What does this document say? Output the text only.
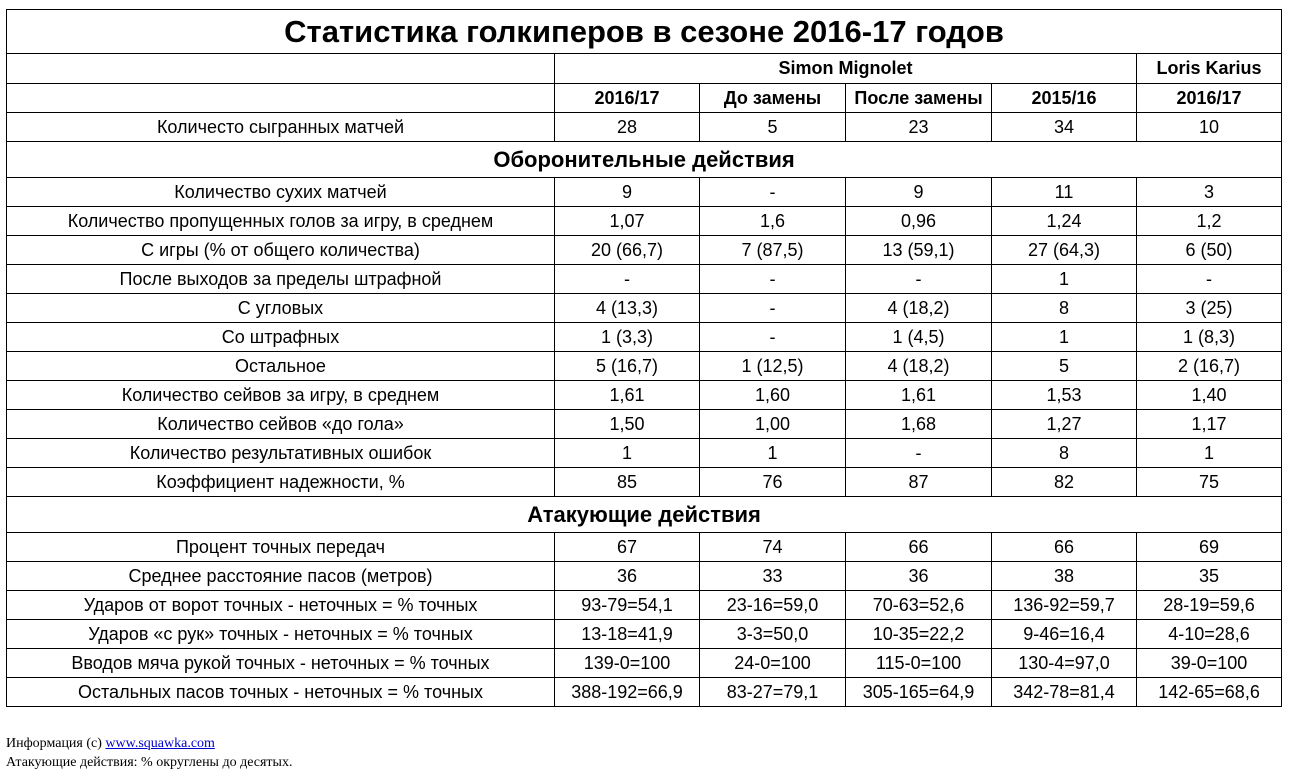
Статистика голкиперов в сезоне 2016-17 годов					
	Simon Mignolet				Loris Karius
	2016/17	До замены	После замены	2015/16	2016/17
Количесто сыгранных матчей	28	5	23	34	10
Оборонительные действия					
Количество сухих матчей	9	-	9	11	3
Количество пропущенных голов за игру, в среднем	1,07	1,6	0,96	1,24	1,2
С игры (% от общего количества)	20 (66,7)	7 (87,5)	13 (59,1)	27 (64,3)	6 (50)
После выходов за пределы штрафной	-	-	-	1	-
С угловых	4 (13,3)	-	4 (18,2)	8	3 (25)
Со штрафных	1 (3,3)	-	1 (4,5)	1	1 (8,3)
Остальное	5 (16,7)	1 (12,5)	4 (18,2)	5	2 (16,7)
Количество сейвов за игру, в среднем	1,61	1,60	1,61	1,53	1,40
Количество сейвов «до гола»	1,50	1,00	1,68	1,27	1,17
Количество результативных ошибок	1	1	-	8	1
Коэффициент надежности, %	85	76	87	82	75
Атакующие действия					
Процент точных передач	67	74	66	66	69
Среднее расстояние пасов (метров)	36	33	36	38	35
Ударов от ворот точных - неточных = % точных	93-79=54,1	23-16=59,0	70-63=52,6	136-92=59,7	28-19=59,6
Ударов «с рук» точных - неточных = % точных	13-18=41,9	3-3=50,0	10-35=22,2	9-46=16,4	4-10=28,6
Вводов мяча рукой точных - неточных = % точных	139-0=100	24-0=100	115-0=100	130-4=97,0	39-0=100
Остальных пасов точных - неточных = % точных	388-192=66,9	83-27=79,1	305-165=64,9	342-78=81,4	142-65=68,6
Информация (с) www.squawka.com
Атакующие действия: % округлены до десятых.
